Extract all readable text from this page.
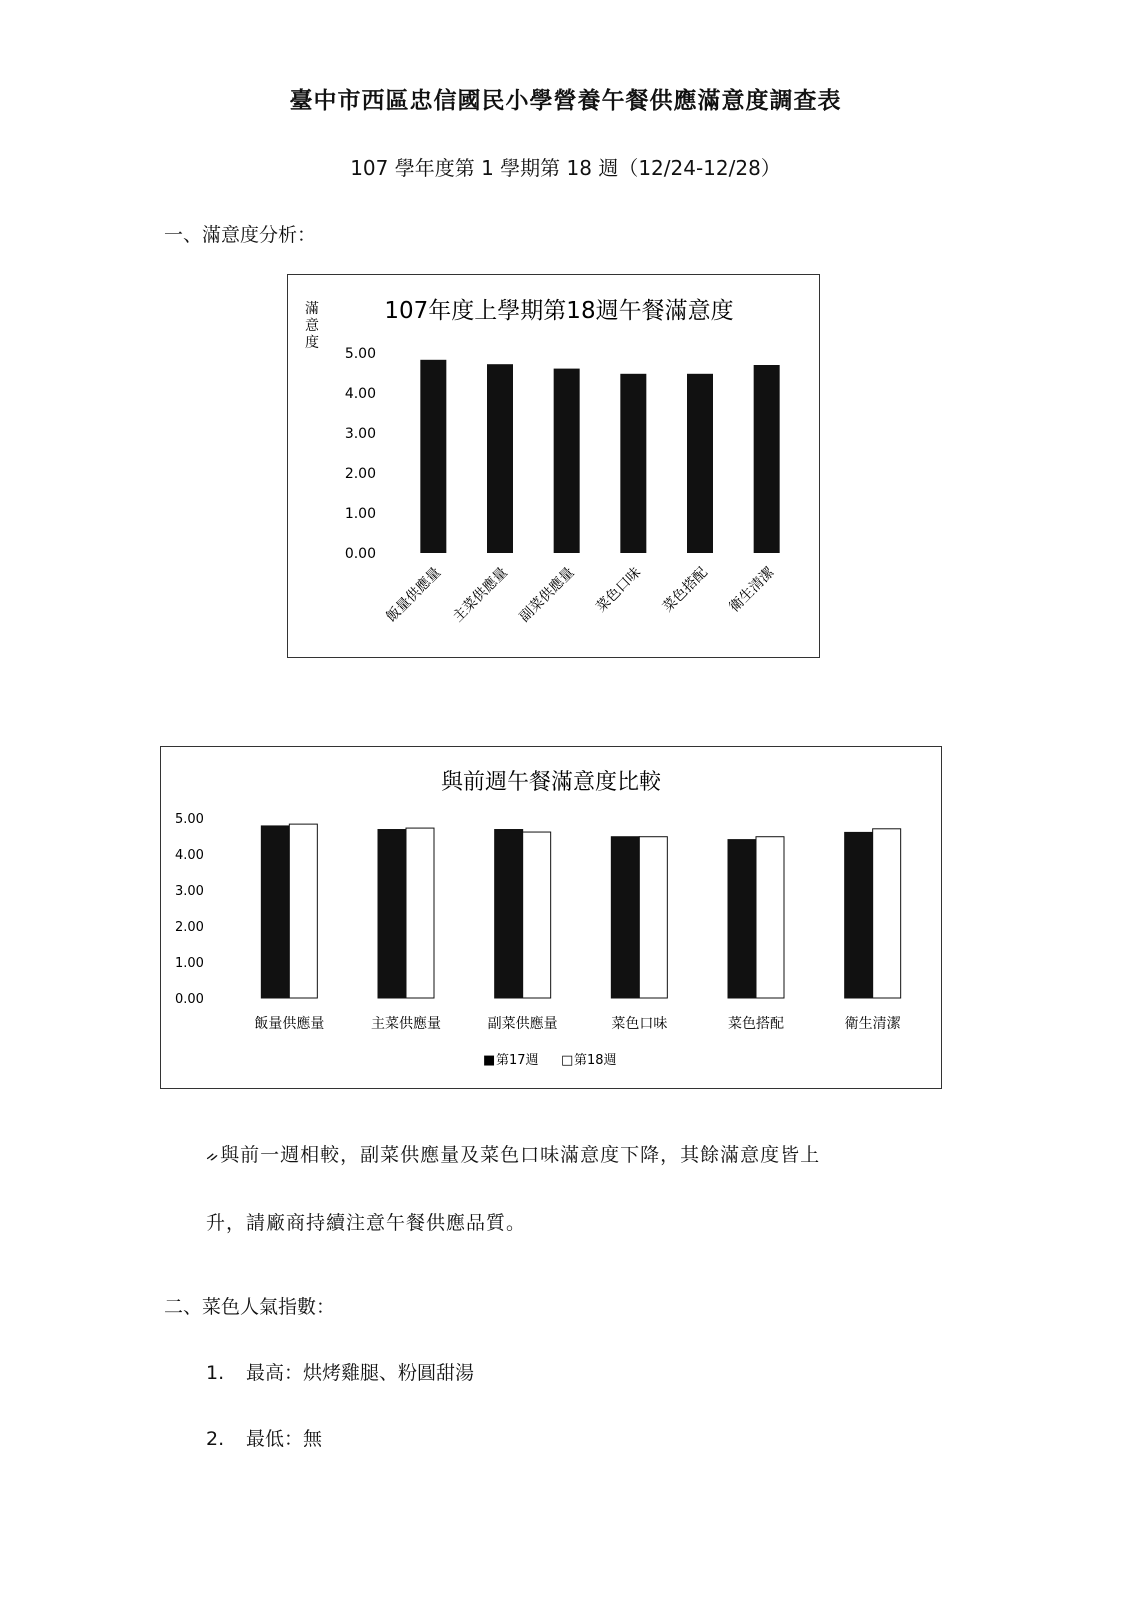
臺中市西區忠信國民小學營養午餐供應滿意度調查表
107 學年度第 1 學期第 18 週（12/24-12/28）
一、滿意度分析：
107年度上學期第18週午餐滿意度
滿
意
度
0.00
1.00
2.00
3.00
4.00
5.00
飯量供應量 主菜供應量 副菜供應量 菜色口味 菜色搭配 衛生清潔
與前週午餐滿意度比較
0.00
1.00
2.00
3.00
4.00
5.00
飯量供應量	主菜供應量	副菜供應量	菜色口味	菜色搭配	衛生清潔
■ 第17週 □ 第18週
ᨀ與前一週相較，副菜供應量及菜色口味滿意度下降，其餘滿意度皆上
升，請廠商持續注意午餐供應品質。
二、菜色人氣指數：
1. 最高：烘烤雞腿、粉圓甜湯
2. 最低：無
